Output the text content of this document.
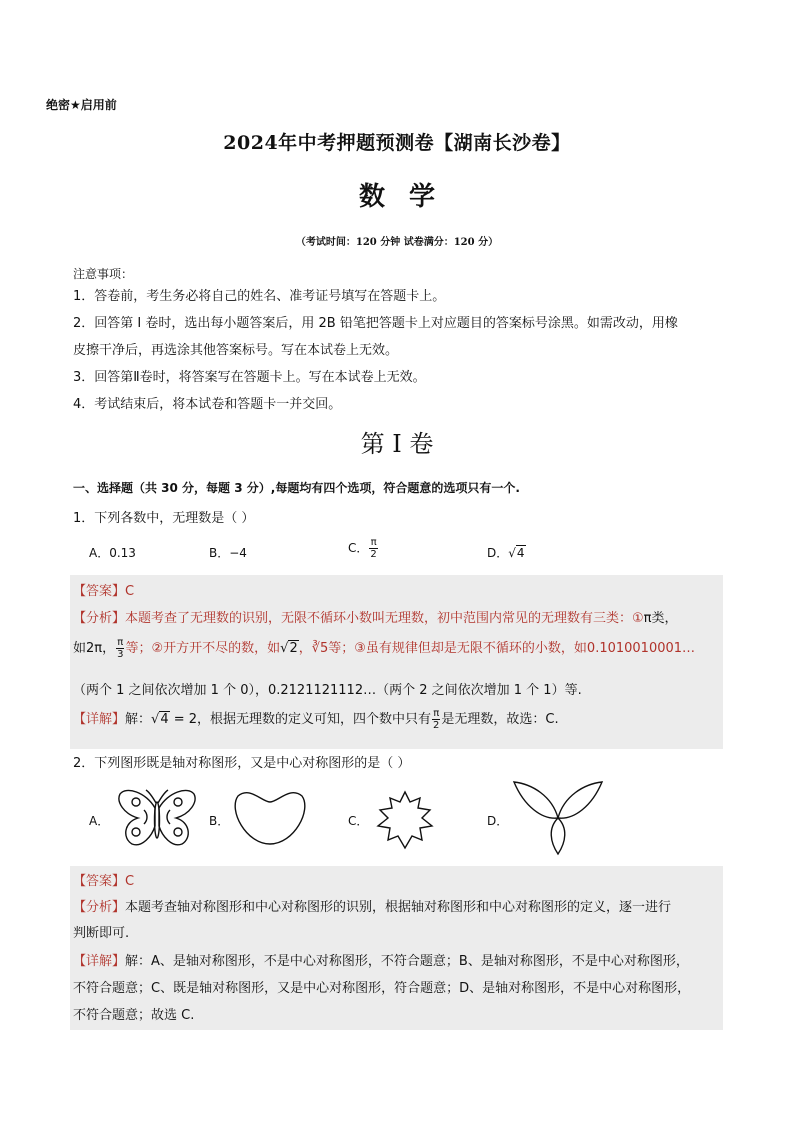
绝密★启用前
2024年中考押题预测卷【湖南长沙卷】
数学
（考试时间：120 分钟 试卷满分：120 分）
注意事项：
1．答卷前，考生务必将自己的姓名、准考证号填写在答题卡上。
2．回答第 I 卷时，选出每小题答案后，用 2B 铅笔把答题卡上对应题目的答案标号涂黑。如需改动，用橡
皮擦干净后，再选涂其他答案标号。写在本试卷上无效。
3．回答第Ⅱ卷时，将答案写在答题卡上。写在本试卷上无效。
4．考试结束后，将本试卷和答题卡一并交回。
第 I 卷
一、选择题（共 30 分，每题 3 分）,每题均有四个选项，符合题意的选项只有一个.
1．下列各数中，无理数是（ ）
A．0.13	B．−4	C． $\frac{\pi}{2}$	D．√4
【答案】C
【分析】本题考查了无理数的识别，无限不循环小数叫无理数，初中范围内常见的无理数有三类：①π类，
如2π， $\frac{\pi}{3}$ 等；②开方开不尽的数，如√2，∛5等；③虽有规律但却是无限不循环的小数，如0.1010010001…
（两个 1 之间依次增加 1 个 0），0.2121121112…（两个 2 之间依次增加 1 个 1）等.
【详解】解：√4 = 2，根据无理数的定义可知，四个数中只有 $\frac{\pi}{2}$ 是无理数，故选：C.
2．下列图形既是轴对称图形，又是中心对称图形的是（ ）
A．	B．	C．	D．
【答案】C
【分析】本题考查轴对称图形和中心对称图形的识别，根据轴对称图形和中心对称图形的定义，逐一进行
判断即可.
【详解】解：A、是轴对称图形，不是中心对称图形，不符合题意；B、是轴对称图形，不是中心对称图形，
不符合题意；C、既是轴对称图形，又是中心对称图形，符合题意；D、是轴对称图形，不是中心对称图形，
不符合题意；故选 C.
